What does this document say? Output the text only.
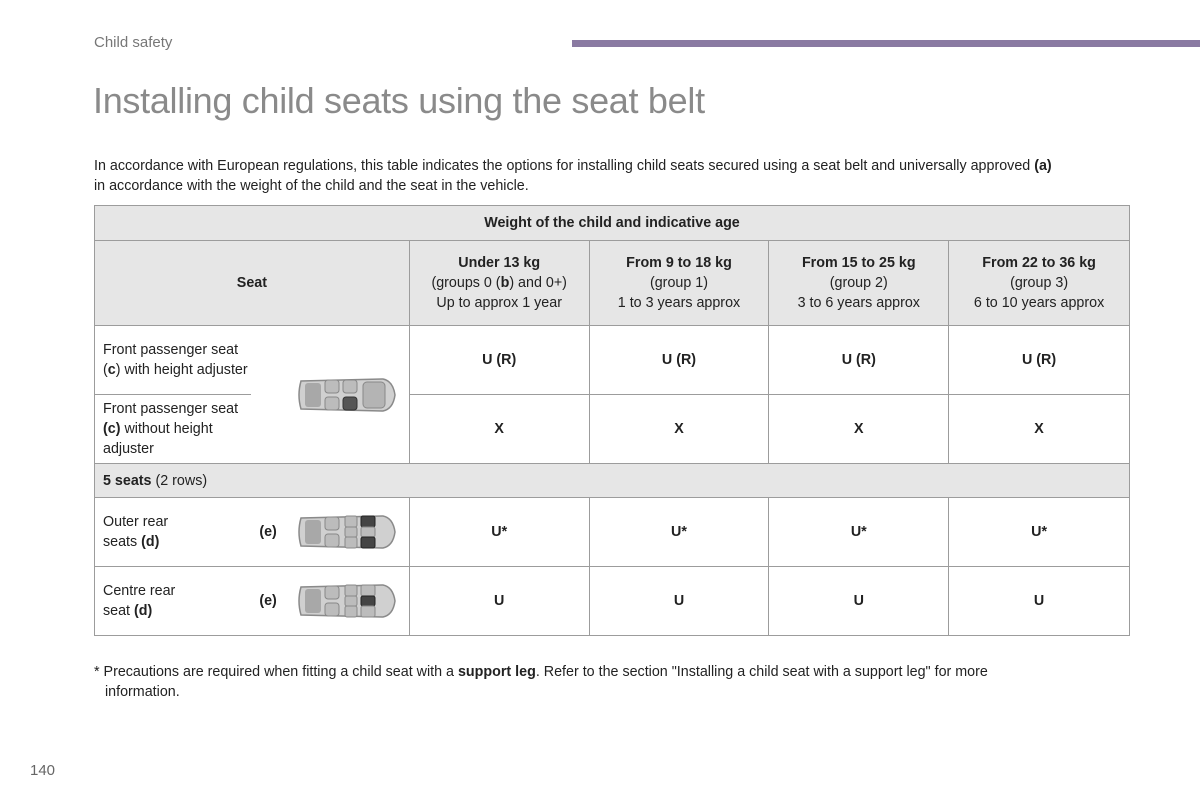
Child safety
Installing child seats using the seat belt
In accordance with European regulations, this table indicates the options for installing child seats secured using a seat belt and universally approved (a)
in accordance with the weight of the child and the seat in the vehicle.
Weight of the child and indicative age					
Seat		Under 13 kg
(groups 0 (b) and 0+)
Up to approx 1 year	From 9 to 18 kg
(group 1)
1 to 3 years approx	From 15 to 25 kg
(group 2)
3 to 6 years approx	From 22 to 36 kg
(group 3)
6 to 10 years approx
Front passenger seat (c) with height adjuster		U (R)	U (R)	U (R)	U (R)
Front passenger seat (c) without height adjuster		X	X	X	X
5 seats (2 rows)					

Outer rear
seats (d)
(e)		U*	U*	U*	U*

Centre rear
seat (d)
(e)		U	U	U	U
* Precautions are required when fitting a child seat with a support leg. Refer to the section "Installing a child seat with a support leg" for more
information.
140
